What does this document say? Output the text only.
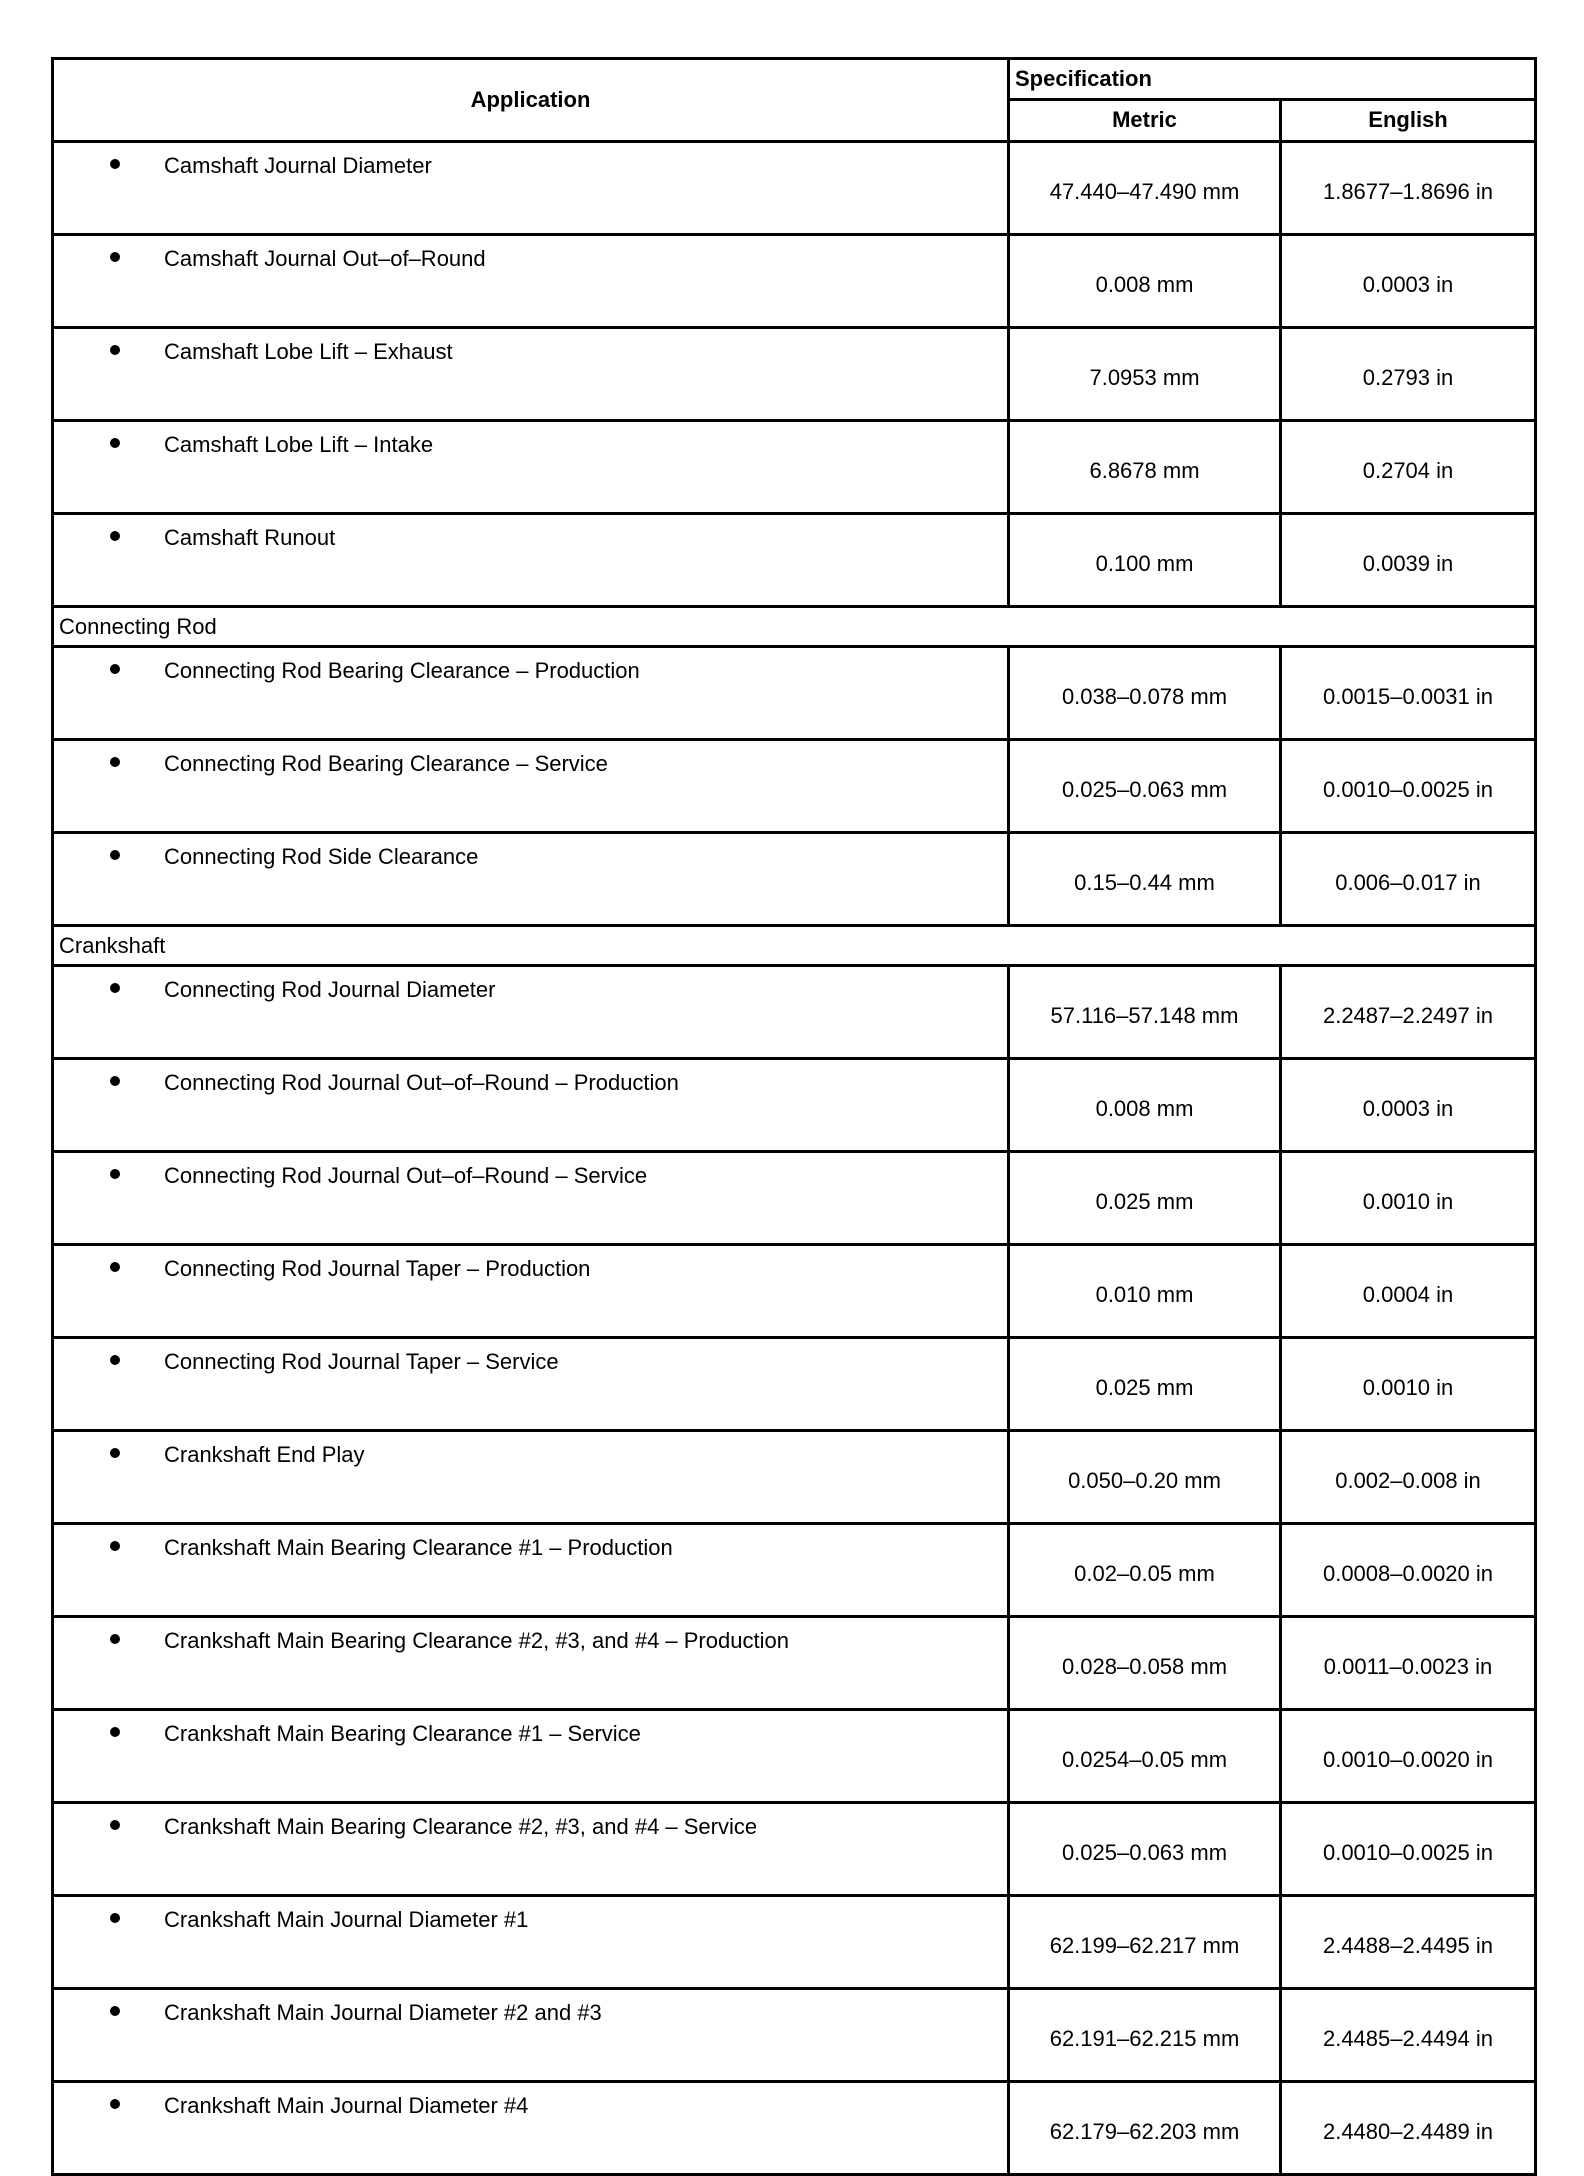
Application	Specification	
	Metric	English
Camshaft Journal Diameter	47.440–47.490 mm	1.8677–1.8696 in
Camshaft Journal Out–of–Round	0.008 mm	0.0003 in
Camshaft Lobe Lift – Exhaust	7.0953 mm	0.2793 in
Camshaft Lobe Lift – Intake	6.8678 mm	0.2704 in
Camshaft Runout	0.100 mm	0.0039 in
Connecting Rod		
Connecting Rod Bearing Clearance – Production	0.038–0.078 mm	0.0015–0.0031 in
Connecting Rod Bearing Clearance – Service	0.025–0.063 mm	0.0010–0.0025 in
Connecting Rod Side Clearance	0.15–0.44 mm	0.006–0.017 in
Crankshaft		
Connecting Rod Journal Diameter	57.116–57.148 mm	2.2487–2.2497 in
Connecting Rod Journal Out–of–Round – Production	0.008 mm	0.0003 in
Connecting Rod Journal Out–of–Round – Service	0.025 mm	0.0010 in
Connecting Rod Journal Taper – Production	0.010 mm	0.0004 in
Connecting Rod Journal Taper – Service	0.025 mm	0.0010 in
Crankshaft End Play	0.050–0.20 mm	0.002–0.008 in
Crankshaft Main Bearing Clearance #1 – Production	0.02–0.05 mm	0.0008–0.0020 in
Crankshaft Main Bearing Clearance #2, #3, and #4 – Production	0.028–0.058 mm	0.0011–0.0023 in
Crankshaft Main Bearing Clearance #1 – Service	0.0254–0.05 mm	0.0010–0.0020 in
Crankshaft Main Bearing Clearance #2, #3, and #4 – Service	0.025–0.063 mm	0.0010–0.0025 in
Crankshaft Main Journal Diameter #1	62.199–62.217 mm	2.4488–2.4495 in
Crankshaft Main Journal Diameter #2 and #3	62.191–62.215 mm	2.4485–2.4494 in
Crankshaft Main Journal Diameter #4	62.179–62.203 mm	2.4480–2.4489 in
